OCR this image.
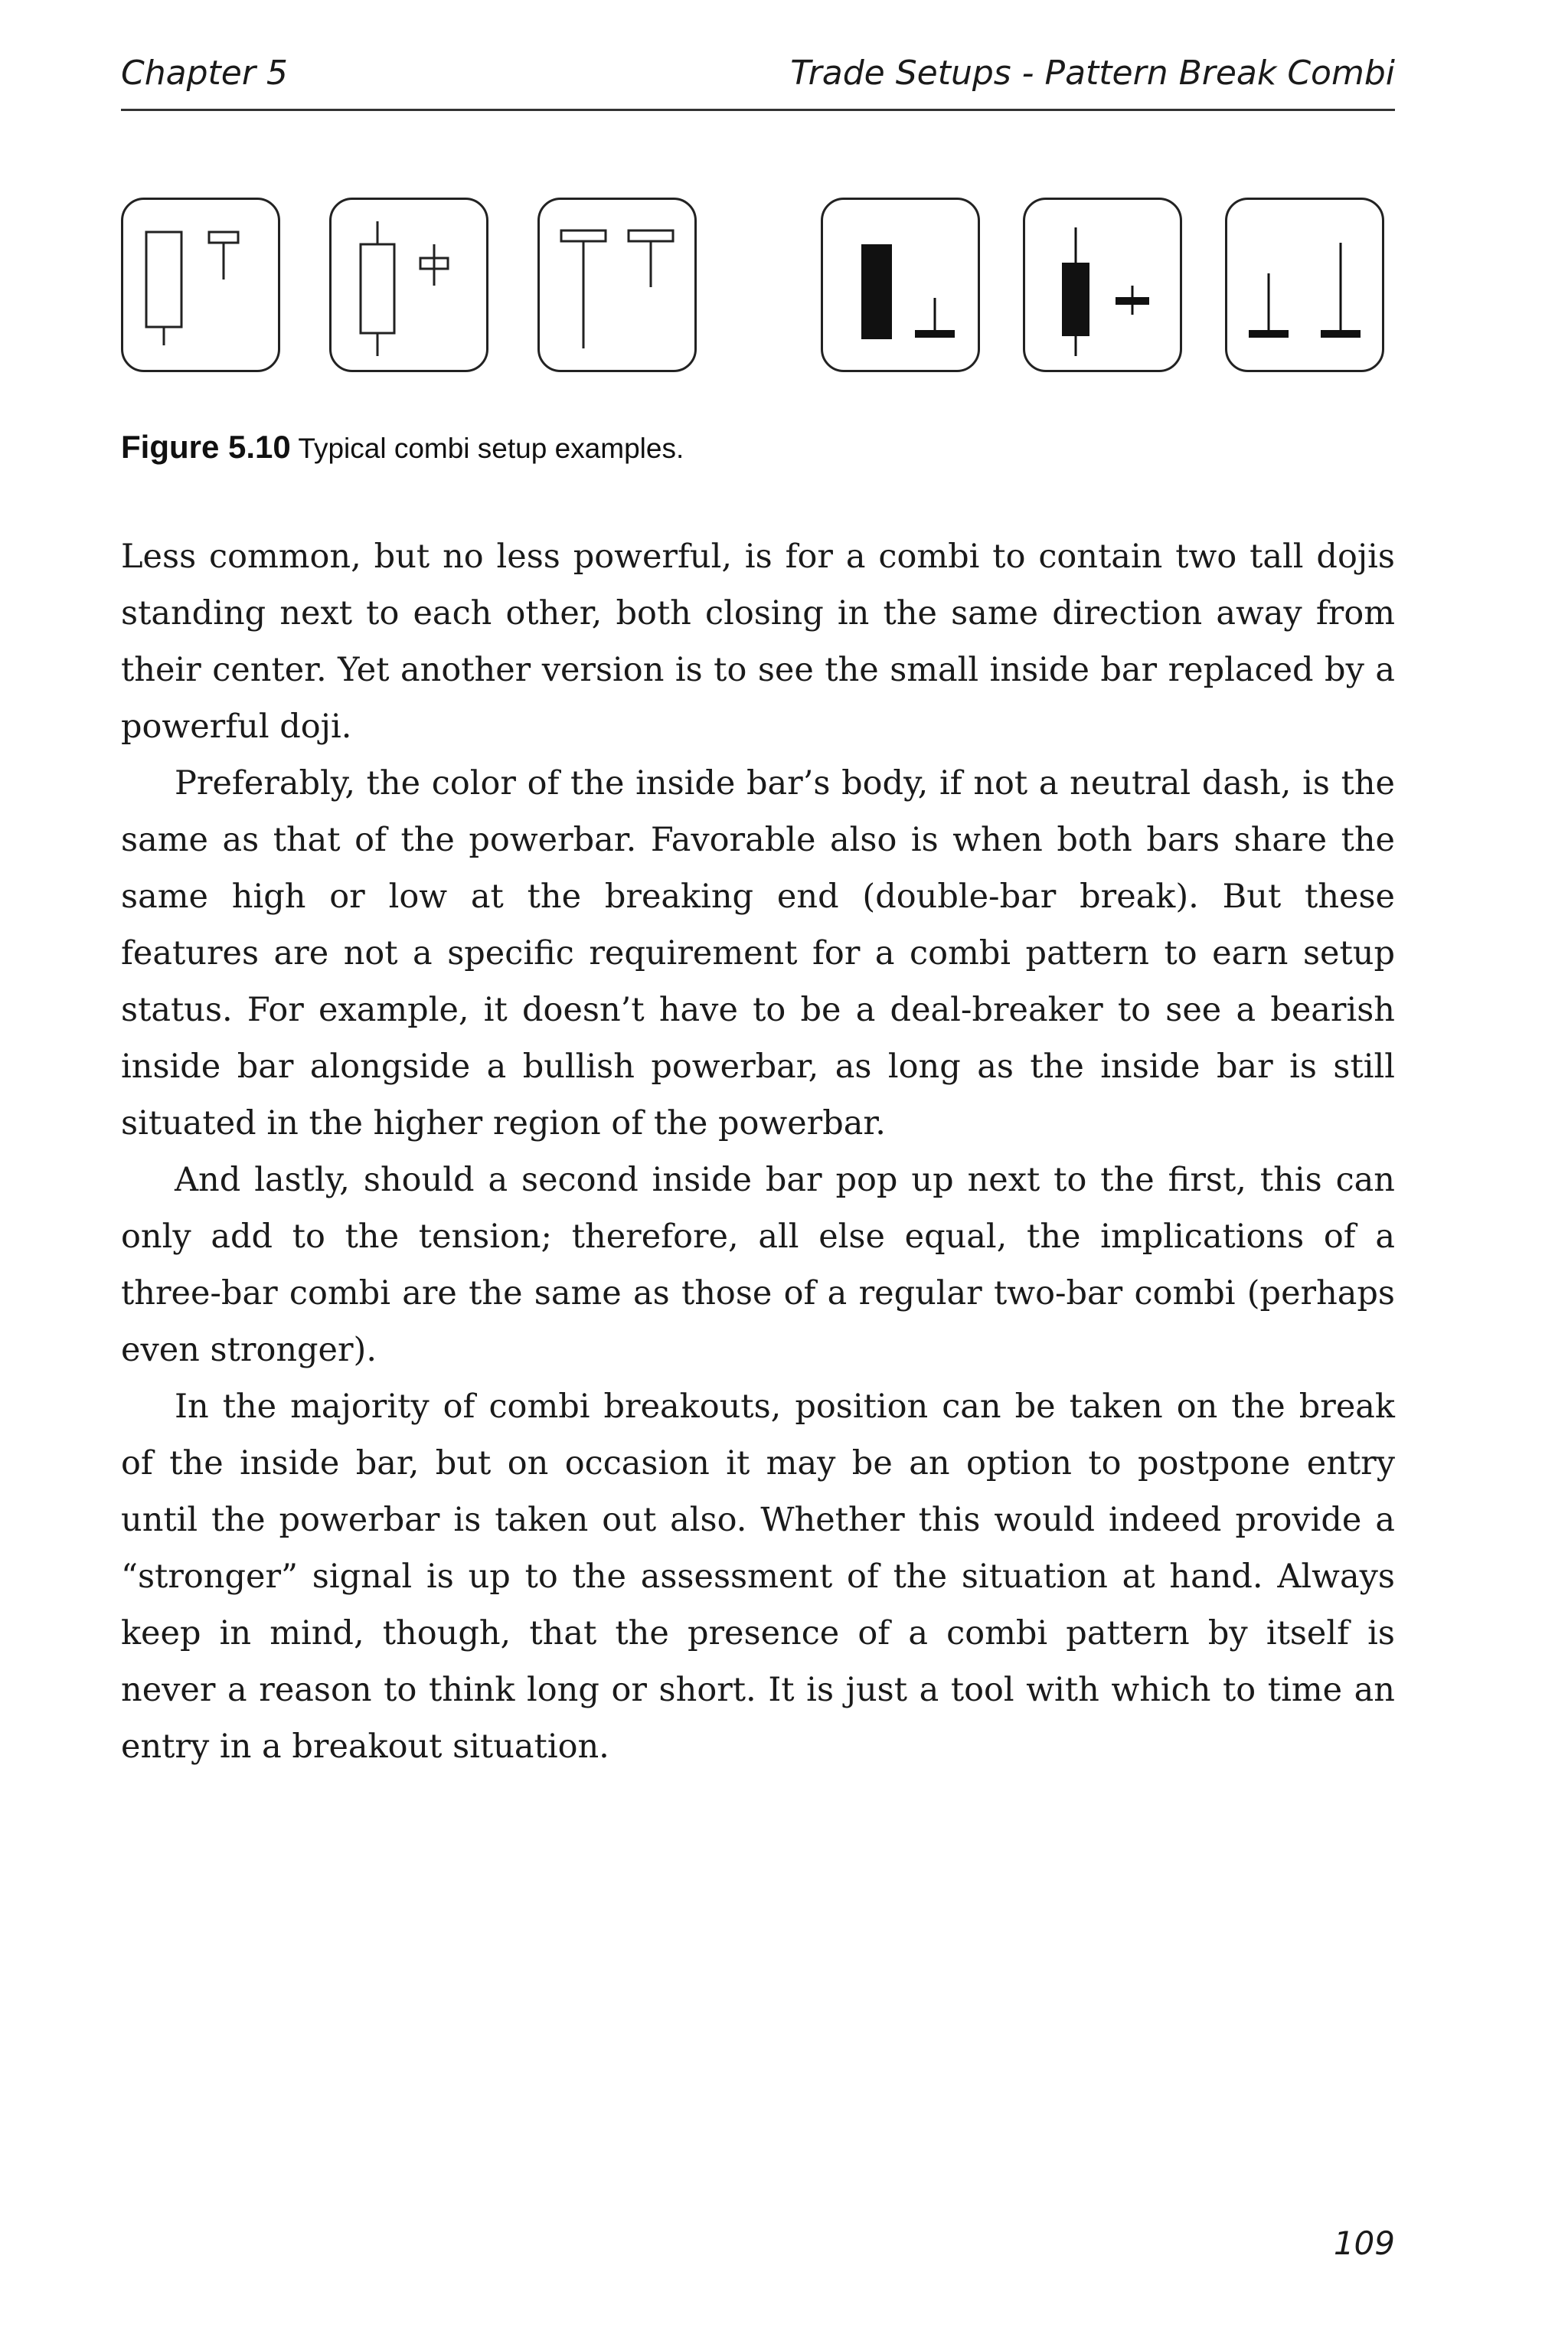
Chapter 5	Trade Setups - Pattern Break Combi
Figure 5.10 Typical combi setup examples.

Less common, but no less powerful, is for a combi to contain two tall dojis standing next to each other, both closing in the same direction away from their center. Yet another version is to see the small inside bar replaced by a powerful doji.

Preferably, the color of the inside bar’s body, if not a neutral dash, is the same as that of the powerbar. Favorable also is when both bars share the same high or low at the breaking end (double-bar break). But these features are not a specific requirement for a combi pattern to earn setup status. For example, it doesn’t have to be a deal-breaker to see a bearish inside bar alongside a bullish powerbar, as long as the inside bar is still situated in the higher region of the powerbar.

And lastly, should a second inside bar pop up next to the first, this can only add to the tension; therefore, all else equal, the implications of a three-bar combi are the same as those of a regular two-bar combi (perhaps even stronger).

In the majority of combi breakouts, position can be taken on the break of the inside bar, but on occasion it may be an option to postpone entry until the powerbar is taken out also. Whether this would indeed provide a “stronger” signal is up to the assessment of the situation at hand. Always keep in mind, though, that the presence of a combi pattern by itself is never a reason to think long or short. It is just a tool with which to time an entry in a breakout situation.

109
